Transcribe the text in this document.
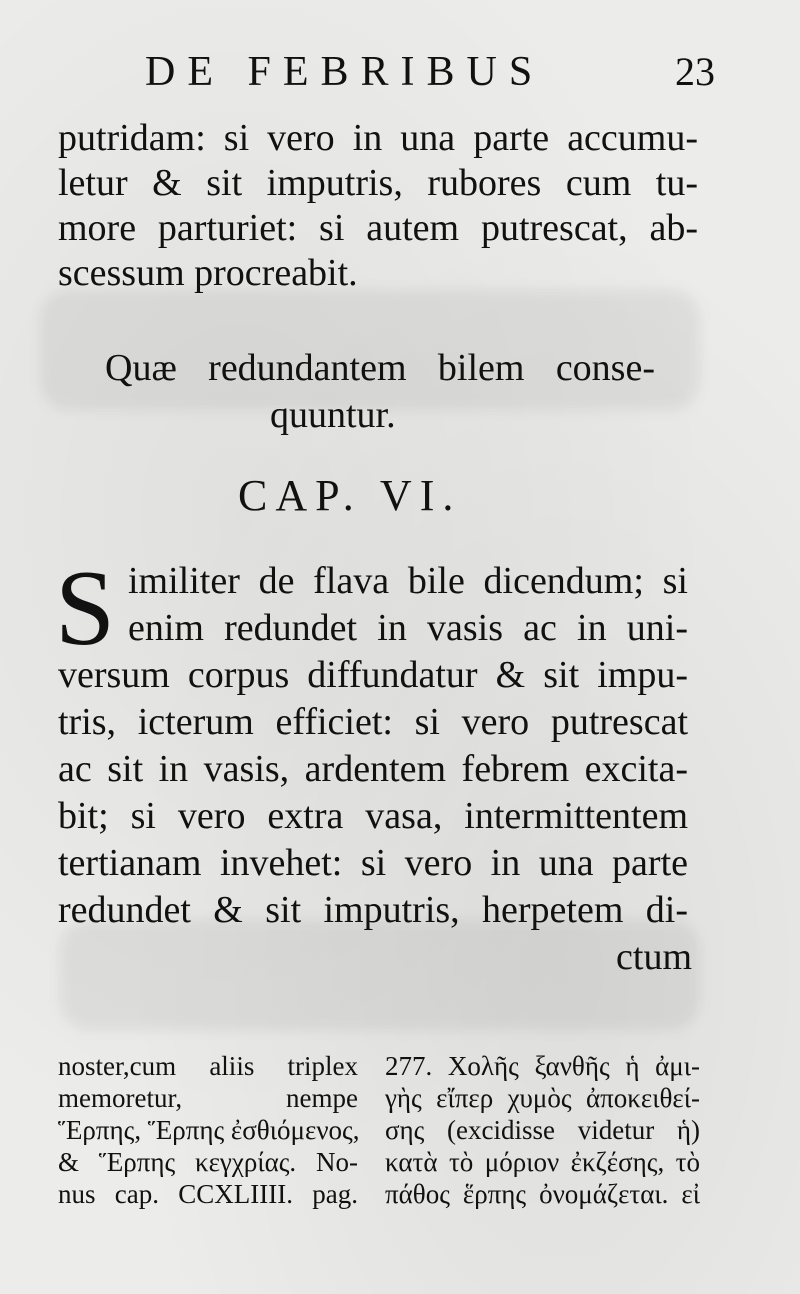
DE FEBRIBUS	23
putridam: si vero in una parte accumu-
letur & sit imputris, rubores cum tu-
more parturiet: si autem putrescat, ab-
scessum procreabit.
Quæ redundantem bilem conse-
quuntur.
CAP. VI.
S imiliter de flava bile dicendum; si
enim redundet in vasis ac in uni-
versum corpus diffundatur & sit impu-
tris, icterum efficiet: si vero putrescat
ac sit in vasis, ardentem febrem excita-
bit; si vero extra vasa, intermittentem
tertianam invehet: si vero in una parte
redundet & sit imputris, herpetem di-
ctum
noster,cum aliis triplex
memoretur, nempe
Ἕρπης, Ἕρπης ἐσθιόμενος,
& Ἕρπης κεγχρίας. No-
nus cap. CCXLIIII. pag.
277. Χολῆς ξανθῆς ἡ ἀμι-
γὴς εἴπερ χυμὸς ἀποκειθεί-
σης (excidisse videtur ἡ)
κατὰ τὸ μόριον ἐκζέσης, τὸ
πάθος ἕρπης ὀνομάζεται. εἰ
